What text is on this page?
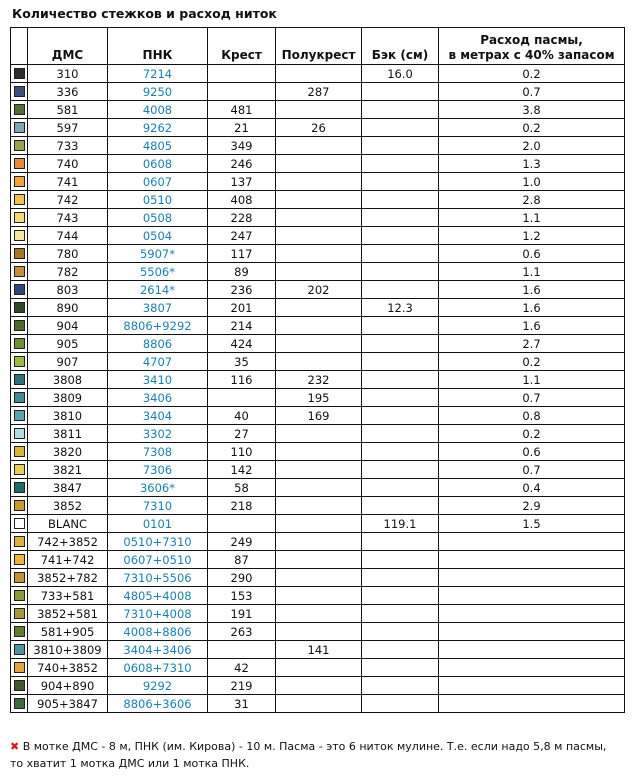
Количество стежков и расход ниток
	ДМС	ПНК	Крест	Полукрест	Бэк (см)	Расход пасмы,
в метрах с 40% запасом

	310	7214			16.0	0.2

	336	9250		287		0.7

	581	4008	481			3.8

	597	9262	21	26		0.2

	733	4805	349			2.0

	740	0608	246			1.3

	741	0607	137			1.0

	742	0510	408			2.8

	743	0508	228			1.1

	744	0504	247			1.2

	780	5907*	117			0.6

	782	5506*	89			1.1

	803	2614*	236	202		1.6

	890	3807	201		12.3	1.6

	904	8806+9292	214			1.6

	905	8806	424			2.7

	907	4707	35			0.2

	3808	3410	116	232		1.1

	3809	3406		195		0.7

	3810	3404	40	169		0.8

	3811	3302	27			0.2

	3820	7308	110			0.6

	3821	7306	142			0.7

	3847	3606*	58			0.4

	3852	7310	218			2.9

	BLANC	0101			119.1	1.5

	742+3852	0510+7310	249			

	741+742	0607+0510	87			

	3852+782	7310+5506	290			

	733+581	4805+4008	153			

	3852+581	7310+4008	191			

	581+905	4008+8806	263			

	3810+3809	3404+3406		141		

	740+3852	0608+7310	42			

	904+890	9292	219			

	905+3847	8806+3606	31			
✖ В мотке ДМС - 8 м, ПНК (им. Кирова) - 10 м. Пасма - это 6 ниток мулине. Т.е. если надо 5,8 м пасмы,
то хватит 1 мотка ДМС или 1 мотка ПНК.
